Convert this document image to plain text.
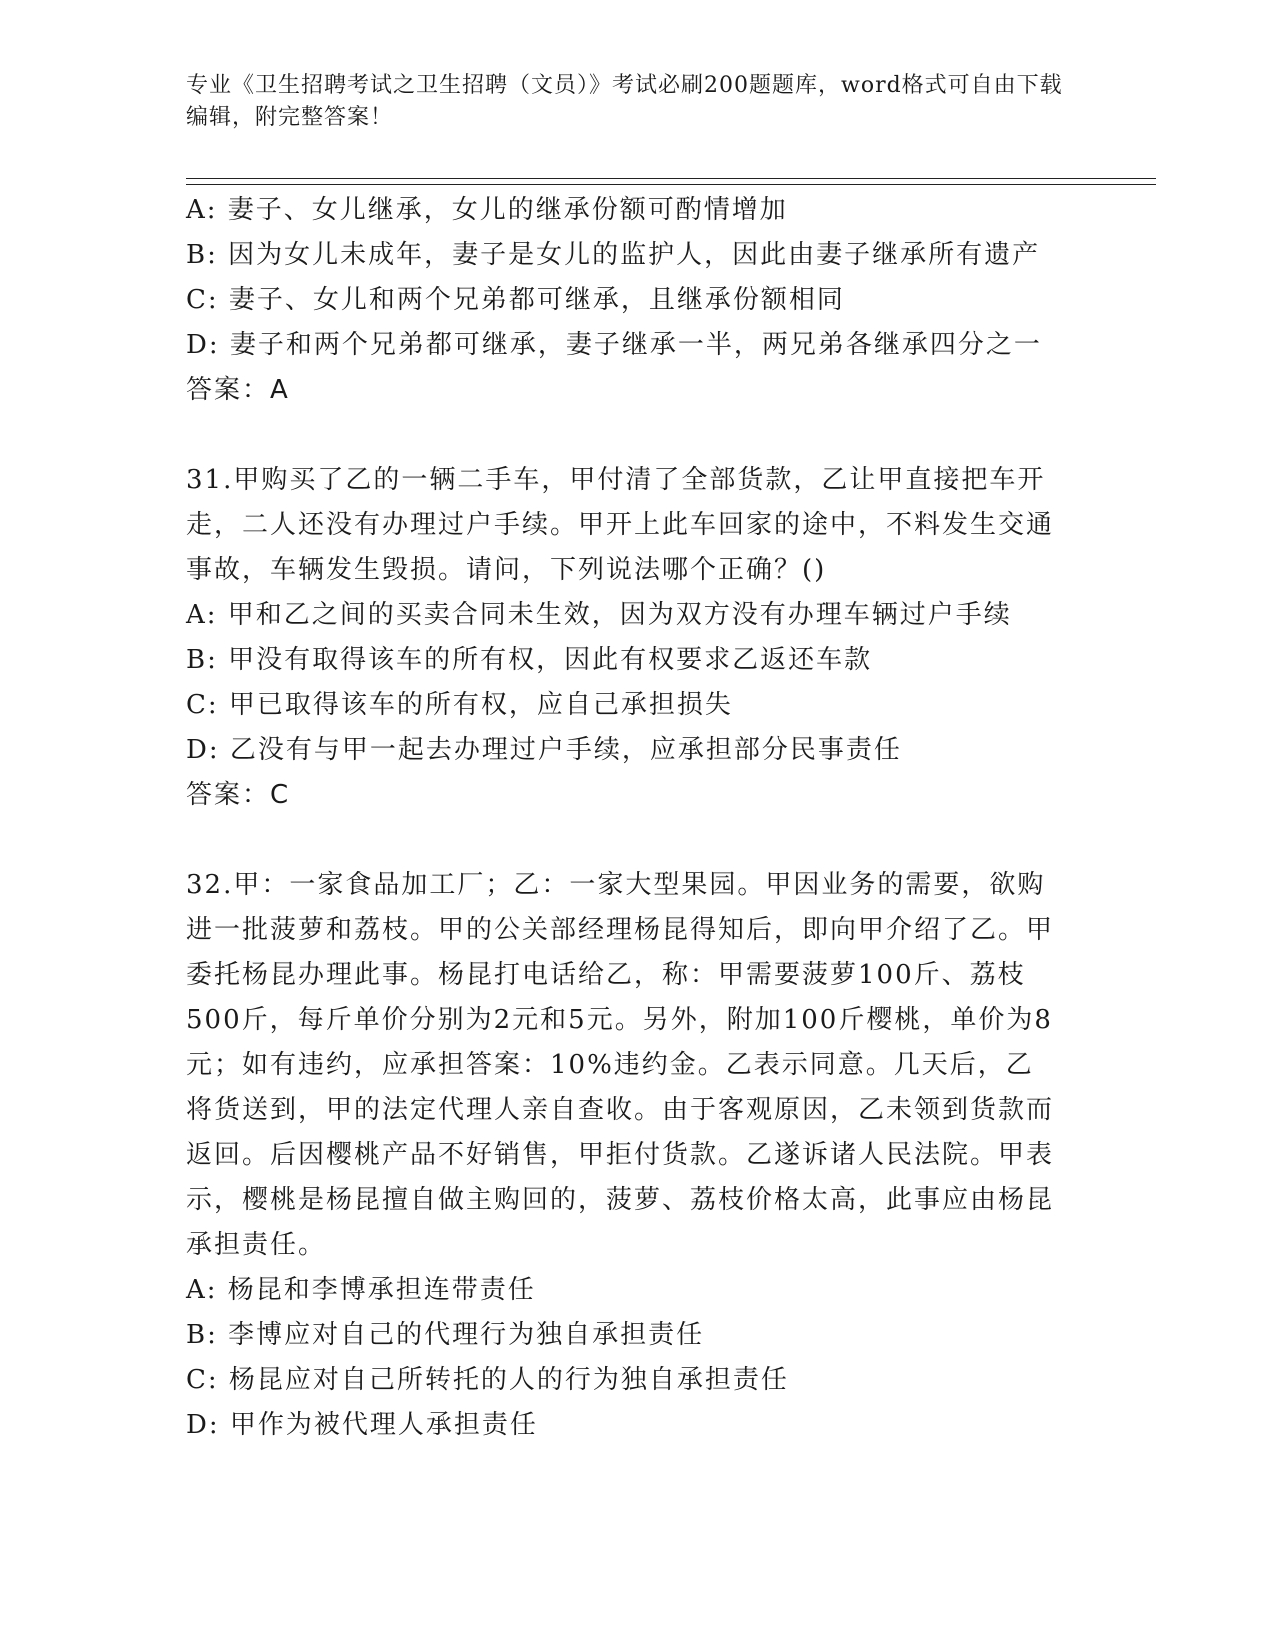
专业《卫生招聘考试之卫生招聘（文员）》考试必刷200题题库，word格式可自由下载编辑，附完整答案！
A: 妻子、女儿继承，女儿的继承份额可酌情增加
B: 因为女儿未成年，妻子是女儿的监护人，因此由妻子继承所有遗产
C: 妻子、女儿和两个兄弟都可继承，且继承份额相同
D: 妻子和两个兄弟都可继承，妻子继承一半，两兄弟各继承四分之一
答案：A
31.甲购买了乙的一辆二手车，甲付清了全部货款，乙让甲直接把车开走，二人还没有办理过户手续。甲开上此车回家的途中，不料发生交通事故，车辆发生毁损。请问，下列说法哪个正确？()
A: 甲和乙之间的买卖合同未生效，因为双方没有办理车辆过户手续
B: 甲没有取得该车的所有权，因此有权要求乙返还车款
C: 甲已取得该车的所有权，应自己承担损失
D: 乙没有与甲一起去办理过户手续，应承担部分民事责任
答案：C
32.甲：一家食品加工厂；乙：一家大型果园。甲因业务的需要，欲购进一批菠萝和荔枝。甲的公关部经理杨昆得知后，即向甲介绍了乙。甲委托杨昆办理此事。杨昆打电话给乙，称：甲需要菠萝100斤、荔枝500斤，每斤单价分别为2元和5元。另外，附加100斤樱桃，单价为8元；如有违约，应承担答案：10%违约金。乙表示同意。几天后，乙将货送到，甲的法定代理人亲自查收。由于客观原因，乙未领到货款而返回。后因樱桃产品不好销售，甲拒付货款。乙遂诉诸人民法院。甲表示，樱桃是杨昆擅自做主购回的，菠萝、荔枝价格太高，此事应由杨昆承担责任。
A: 杨昆和李博承担连带责任
B: 李博应对自己的代理行为独自承担责任
C: 杨昆应对自己所转托的人的行为独自承担责任
D: 甲作为被代理人承担责任
